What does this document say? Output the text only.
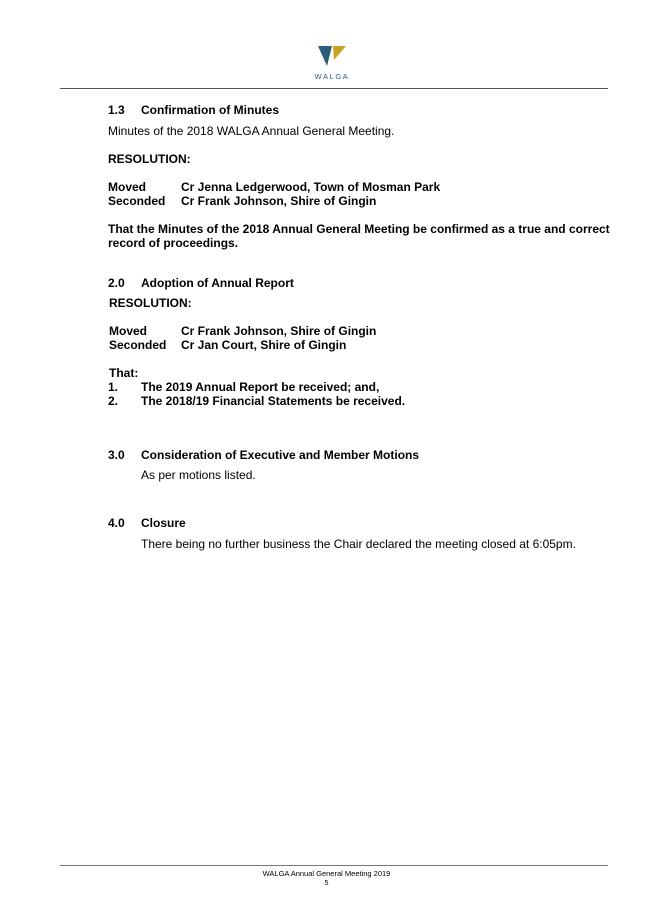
WALGA
1.3 Confirmation of Minutes
Minutes of the 2018 WALGA Annual General Meeting.
RESOLUTION:
Moved	Cr Jenna Ledgerwood, Town of Mosman Park
Seconded Cr Frank Johnson, Shire of Gingin
That the Minutes of the 2018 Annual General Meeting be confirmed as a true and correct record of proceedings.
2.0 Adoption of Annual Report
RESOLUTION:
Moved	Cr Frank Johnson, Shire of Gingin
Seconded Cr Jan Court, Shire of Gingin
That:
1. The 2019 Annual Report be received; and,
2. The 2018/19 Financial Statements be received.
3.0 Consideration of Executive and Member Motions
As per motions listed.
4.0 Closure
There being no further business the Chair declared the meeting closed at 6:05pm.
WALGA Annual General Meeting 2019
5
